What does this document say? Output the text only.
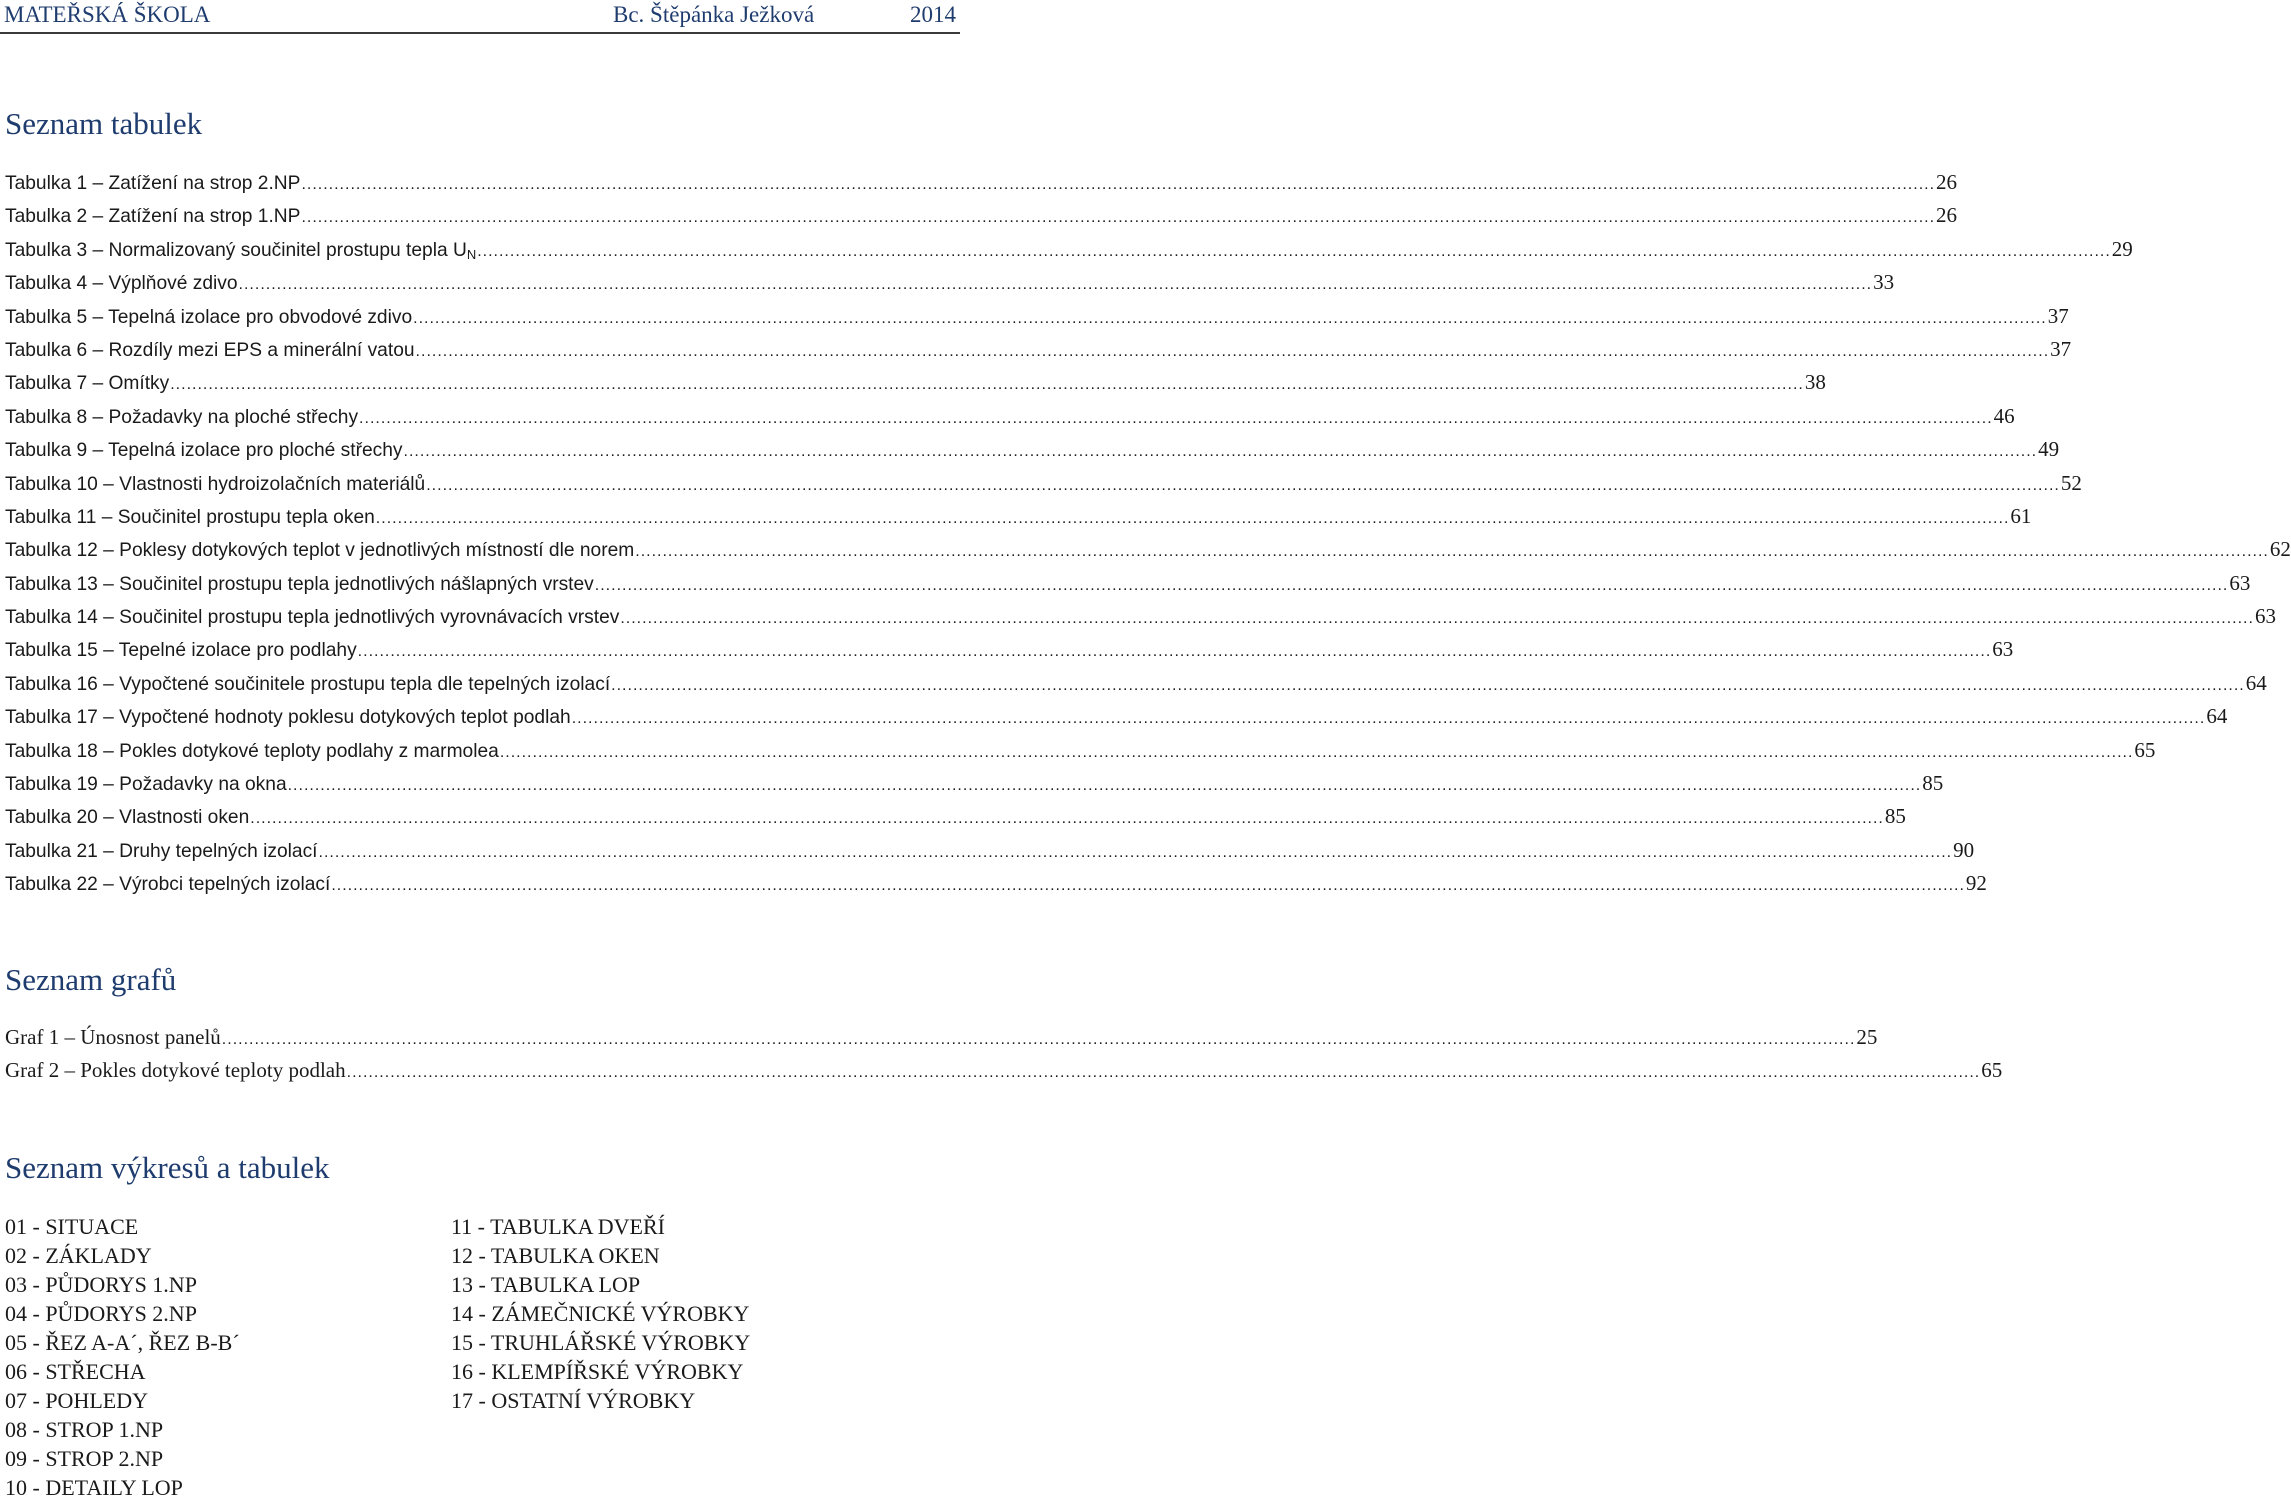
MATEŘSKÁ ŠKOLA	Bc. Štěpánka Ježková	2014
Seznam tabulek
Tabulka 1 – Zatížení na strop 2.NP ............................................................................................................................................................................................................................................................................................................ 26
Tabulka 2 – Zatížení na strop 1.NP ............................................................................................................................................................................................................................................................................................................ 26
Tabulka 3 – Normalizovaný součinitel prostupu tepla $U_N$ ............................................................................................................................................................................................................................................................................................................ 29
Tabulka 4 – Výplňové zdivo ............................................................................................................................................................................................................................................................................................................ 33
Tabulka 5 – Tepelná izolace pro obvodové zdivo ............................................................................................................................................................................................................................................................................................................ 37
Tabulka 6 – Rozdíly mezi EPS a minerální vatou ............................................................................................................................................................................................................................................................................................................ 37
Tabulka 7 – Omítky ............................................................................................................................................................................................................................................................................................................ 38
Tabulka 8 – Požadavky na ploché střechy ............................................................................................................................................................................................................................................................................................................ 46
Tabulka 9 – Tepelná izolace pro ploché střechy ............................................................................................................................................................................................................................................................................................................ 49
Tabulka 10 – Vlastnosti hydroizolačních materiálů ............................................................................................................................................................................................................................................................................................................ 52
Tabulka 11 – Součinitel prostupu tepla oken ............................................................................................................................................................................................................................................................................................................ 61
Tabulka 12 – Poklesy dotykových teplot v jednotlivých místností dle norem ............................................................................................................................................................................................................................................................................................................ 62
Tabulka 13 – Součinitel prostupu tepla jednotlivých nášlapných vrstev ............................................................................................................................................................................................................................................................................................................ 63
Tabulka 14 – Součinitel prostupu tepla jednotlivých vyrovnávacích vrstev ............................................................................................................................................................................................................................................................................................................ 63
Tabulka 15 – Tepelné izolace pro podlahy ............................................................................................................................................................................................................................................................................................................ 63
Tabulka 16 – Vypočtené součinitele prostupu tepla dle tepelných izolací ............................................................................................................................................................................................................................................................................................................ 64
Tabulka 17 – Vypočtené hodnoty poklesu dotykových teplot podlah ............................................................................................................................................................................................................................................................................................................ 64
Tabulka 18 – Pokles dotykové teploty podlahy z marmolea ............................................................................................................................................................................................................................................................................................................ 65
Tabulka 19 – Požadavky na okna ............................................................................................................................................................................................................................................................................................................ 85
Tabulka 20 – Vlastnosti oken ............................................................................................................................................................................................................................................................................................................ 85
Tabulka 21 – Druhy tepelných izolací ............................................................................................................................................................................................................................................................................................................ 90
Tabulka 22 – Výrobci tepelných izolací ............................................................................................................................................................................................................................................................................................................ 92
Seznam grafů
Graf 1 – Únosnost panelů ............................................................................................................................................................................................................................................................................................................ 25
Graf 2 – Pokles dotykové teploty podlah ............................................................................................................................................................................................................................................................................................................ 65
Seznam výkresů a tabulek
01 - SITUACE
02 - ZÁKLADY
03 - PŮDORYS 1.NP
04 - PŮDORYS 2.NP
05 - ŘEZ A-A´, ŘEZ B-B´
06 - STŘECHA
07 - POHLEDY
08 - STROP 1.NP
09 - STROP 2.NP
10 - DETAILY LOP
11 - TABULKA DVEŘÍ
12 - TABULKA OKEN
13 - TABULKA LOP
14 - ZÁMEČNICKÉ VÝROBKY
15 - TRUHLÁŘSKÉ VÝROBKY
16 - KLEMPÍŘSKÉ VÝROBKY
17 - OSTATNÍ VÝROBKY
